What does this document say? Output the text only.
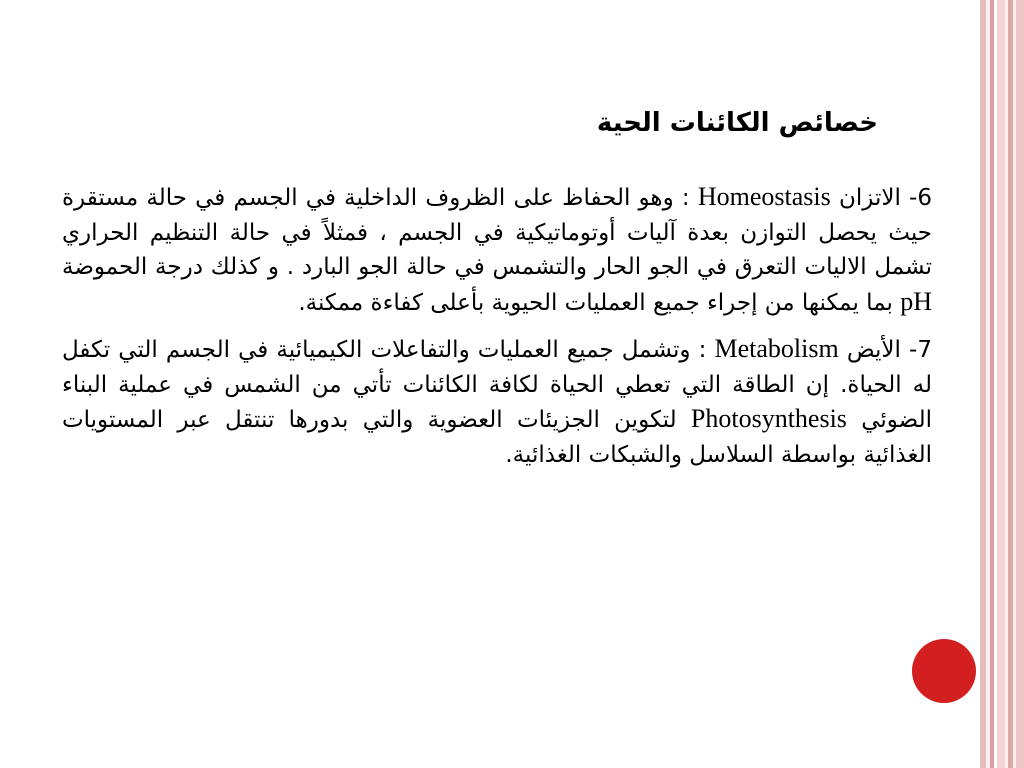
خصائص الكائنات الحية

6- الاتزان Homeostasis : وهو الحفاظ على الظروف الداخلية في الجسم في حالة مستقرة حيث يحصل التوازن بعدة آليات أوتوماتيكية في الجسم ، فمثلاً في حالة التنظيم الحراري تشمل الاليات التعرق في الجو الحار والتشمس في حالة الجو البارد . و كذلك درجة الحموضة pH بما يمكنها من إجراء جميع العمليات الحيوية بأعلى كفاءة ممكنة.

7- الأيض Metabolism : وتشمل جميع العمليات والتفاعلات الكيميائية في الجسم التي تكفل له الحياة. إن الطاقة التي تعطي الحياة لكافة الكائنات تأتي من الشمس في عملية البناء الضوئي Photosynthesis لتكوين الجزيئات العضوية والتي بدورها تنتقل عبر المستويات الغذائية بواسطة السلاسل والشبكات الغذائية.
